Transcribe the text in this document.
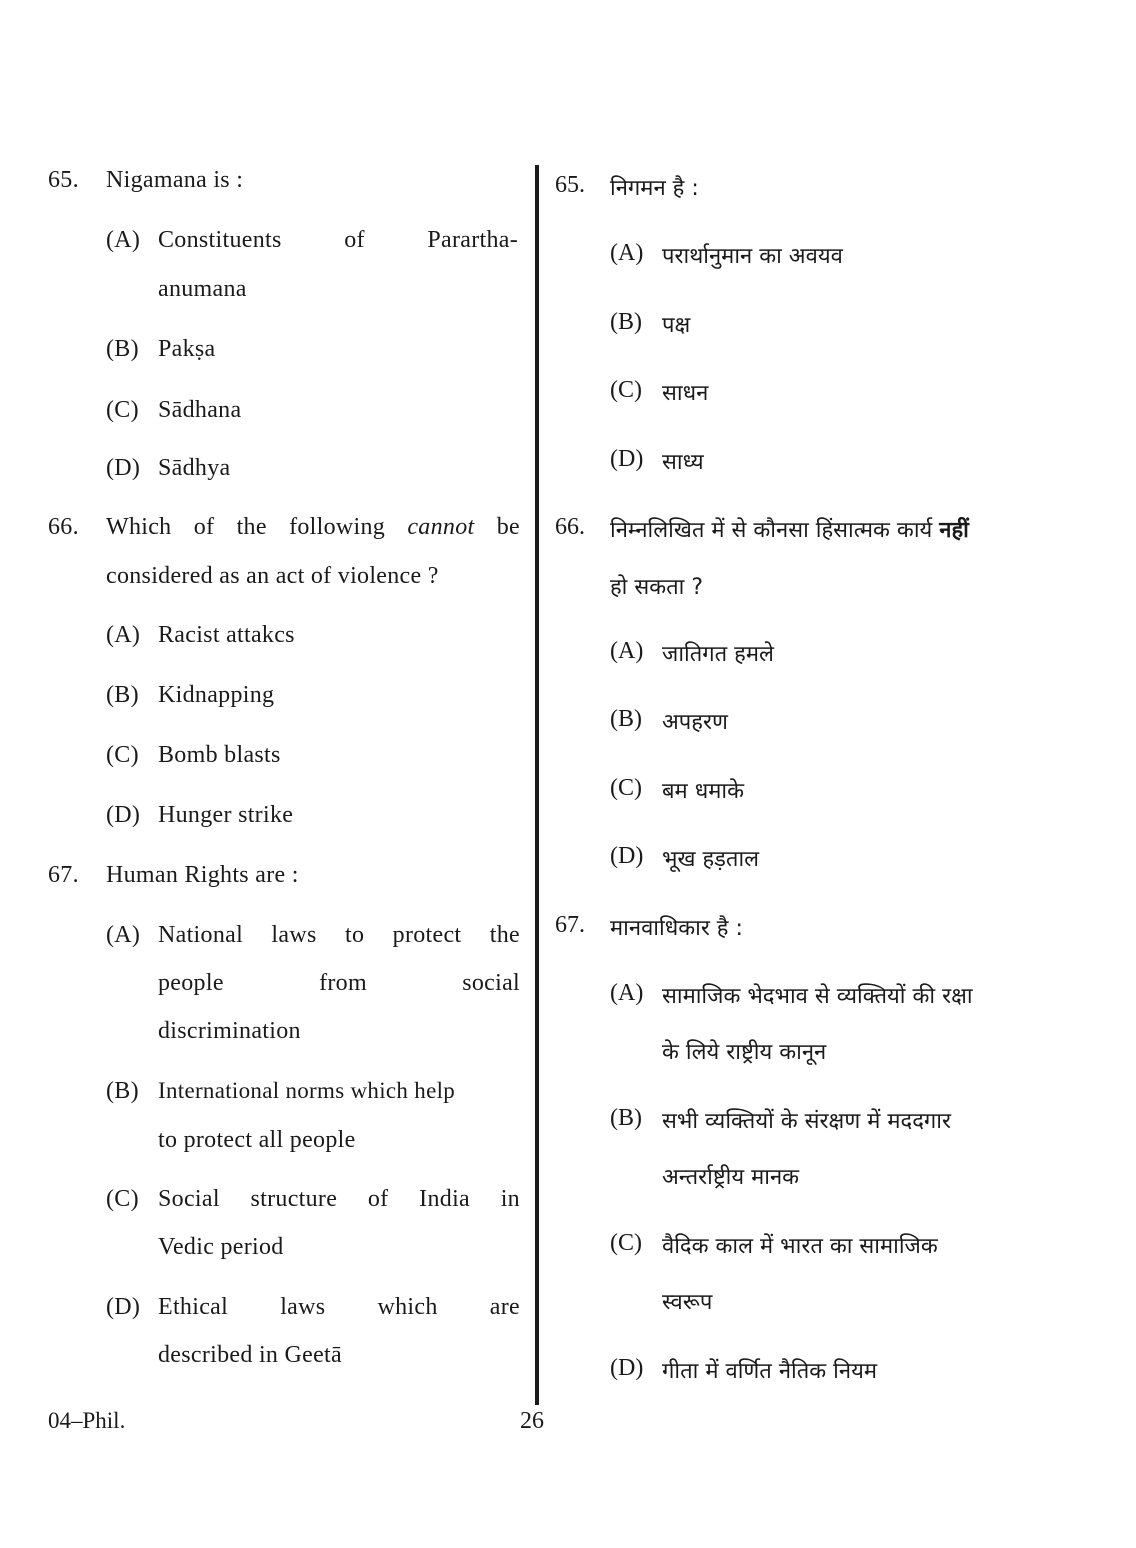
65. Nigamana is :
(A) Constituents	of	Parartha-
anumana
(B) Pakṣa
(C) Sādhana
(D) Sādhya
66. Which of the following cannot be
considered as an act of violence ?
(A) Racist attakcs
(B) Kidnapping
(C) Bomb blasts
(D) Hunger strike
67. Human Rights are :
(A) National laws to protect the
people	from	social
discrimination
(B) International norms which help
to protect all people
(C) Social structure of India in
Vedic period
(D) Ethical laws which are
described in Geetā
65. निगमन है :
(A) परार्थानुमान का अवयव
(B) पक्ष
(C) साधन
(D) साध्य
66. निम्नलिखित में से कौनसा हिंसात्मक कार्य नहीं
हो सकता ?
(A) जातिगत हमले
(B) अपहरण
(C) बम धमाके
(D) भूख हड़ताल
67. मानवाधिकार है :
(A) सामाजिक भेदभाव से व्यक्तियों की रक्षा
के लिये राष्ट्रीय कानून
(B) सभी व्यक्तियों के संरक्षण में मददगार
अन्तर्राष्ट्रीय मानक
(C) वैदिक काल में भारत का सामाजिक
स्वरूप
(D) गीता में वर्णित नैतिक नियम
04–Phil.	26
